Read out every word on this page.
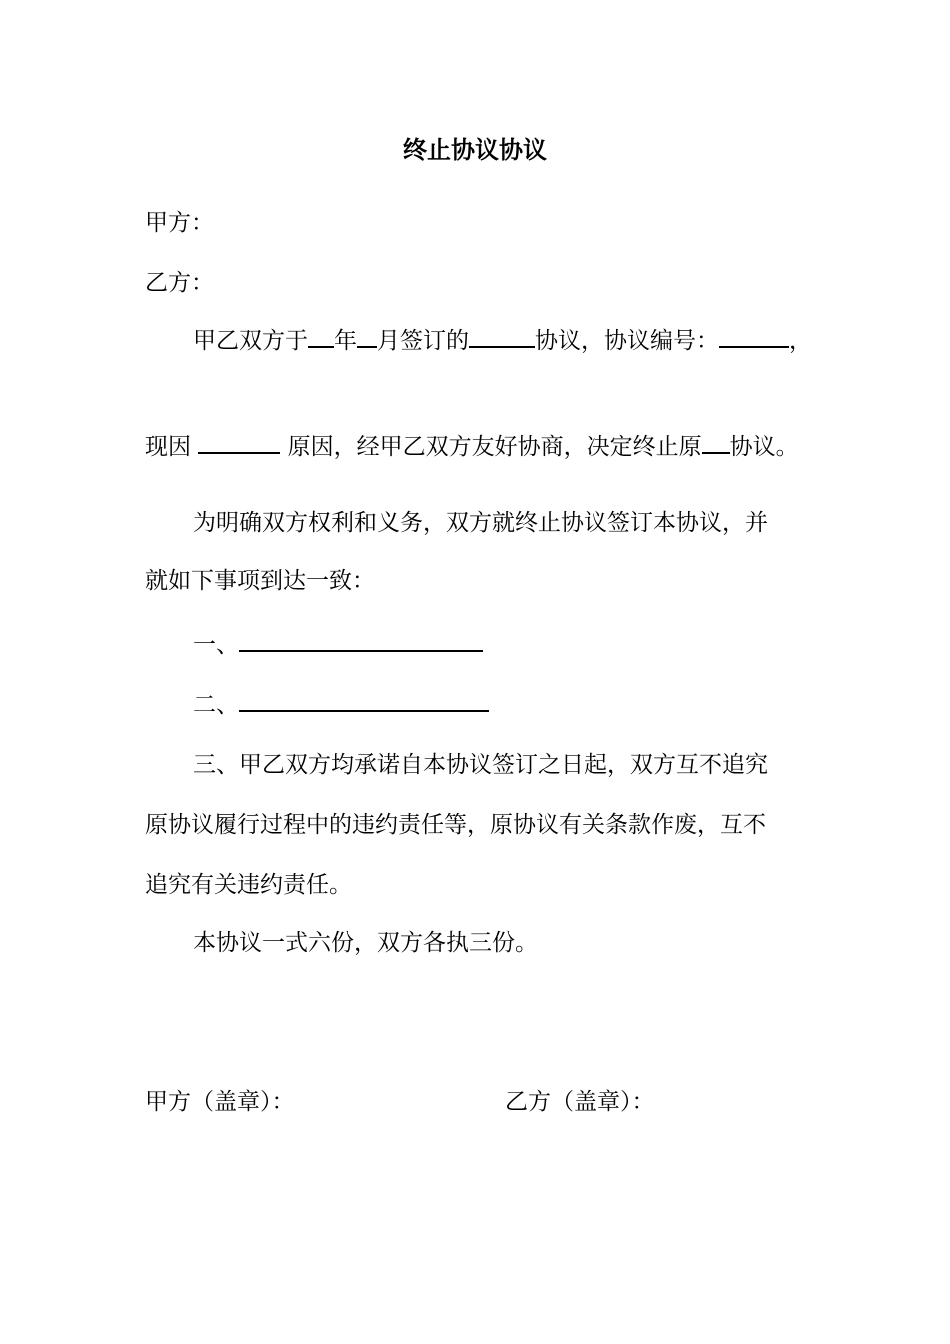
终止协议协议
甲方：
乙方：
甲乙双方于 年 月签订的	协议，协议编号：	，
现因	原因，经甲乙双方友好协商，决定终止原 协议。
为明确双方权利和义务，双方就终止协议签订本协议，并
就如下事项到达一致：
一、
二、
三、甲乙双方均承诺自本协议签订之日起，双方互不追究
原协议履行过程中的违约责任等，原协议有关条款作废，互不
追究有关违约责任。
本协议一式六份，双方各执三份。
甲方（盖章）：	乙方（盖章）：
